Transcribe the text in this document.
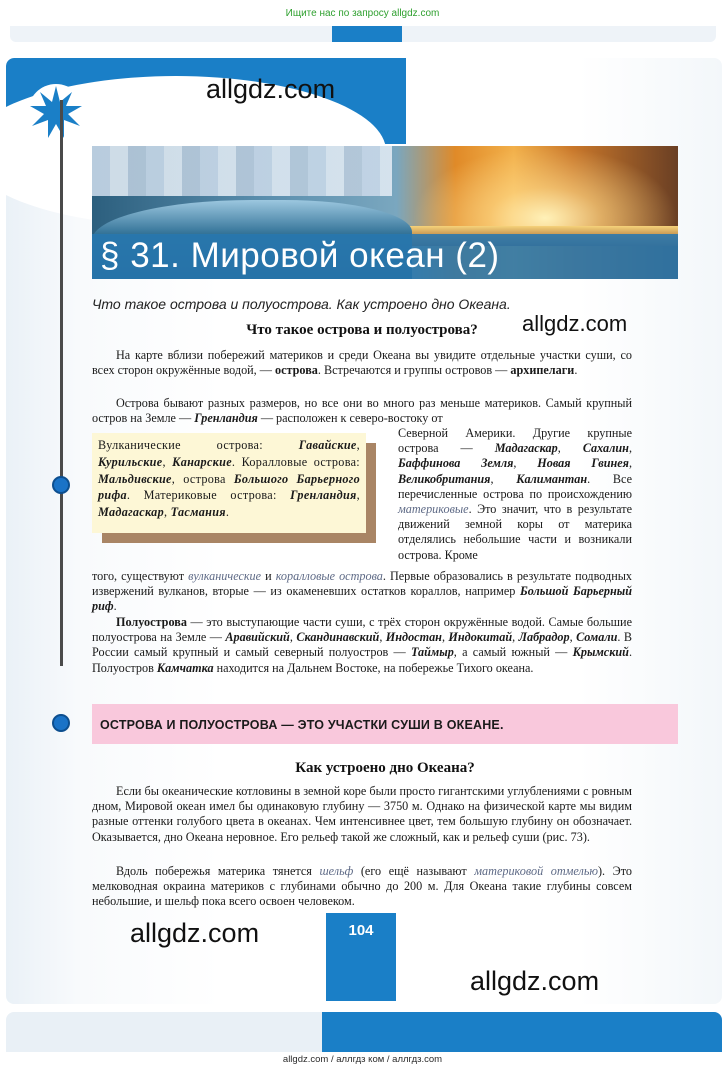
Ищите нас по запросу allgdz.com
Полярная звезда
§ 31. Мировой океан (2)
Что такое острова и полуострова. Как устроено дно Океана.
Что такое острова и полуострова?
На карте вблизи побережий материков и среди Океана вы увидите отдельные участки суши, со всех сторон окружённые водой, — острова. Встречаются и группы островов — архипелаги.
Острова бывают разных размеров, но все они во много раз меньше материков. Самый крупный остров на Земле — Гренландия — расположен к северо-востоку от
Вулканические острова: Гавайские, Курильские, Канарские. Коралловые острова: Мальдивские, острова Большого Барьерного рифа. Материковые острова: Гренландия, Мадагаскар, Тасмания.
Северной Америки. Другие крупные острова — Мадагаскар, Сахалин, Баффинова Земля, Новая Гвинея, Великобритания, Калимантан. Все перечисленные острова по происхождению материковые. Это значит, что в результате движений земной коры от материка отделялись небольшие части и возникали острова. Кроме
того, существуют вулканические и коралловые острова. Первые образовались в результате подводных извержений вулканов, вторые — из окаменевших остатков кораллов, например Большой Барьерный риф.
Полуострова — это выступающие части суши, с трёх сторон окружённые водой. Самые большие полуострова на Земле — Аравийский, Скандинавский, Индостан, Индокитай, Лабрадор, Сомали. В России самый крупный и самый северный полуостров — Таймыр, а самый южный — Крымский. Полуостров Камчатка находится на Дальнем Востоке, на побережье Тихого океана.
ОСТРОВА И ПОЛУОСТРОВА — ЭТО УЧАСТКИ СУШИ В ОКЕАНЕ.
Как устроено дно Океана?
Если бы океанические котловины в земной коре были просто гигантскими углублениями с ровным дном, Мировой океан имел бы одинаковую глубину — 3750 м. Однако на физической карте мы видим разные оттенки голубого цвета в океанах. Чем интенсивнее цвет, тем большую глубину он обозначает. Оказывается, дно Океана неровное. Его рельеф такой же сложный, как и рельеф суши (рис. 73).
Вдоль побережья материка тянется шельф (его ещё называют материковой отмелью). Это мелководная окраина материков с глубинами обычно до 200 м. Для Океана такие глубины совсем небольшие, и шельф пока всего освоен человеком.
104
allgdz.com
allgdz.com
allgdz.com
allgdz.com
allgdz.com / аллгдз ком / аллгдз.com
